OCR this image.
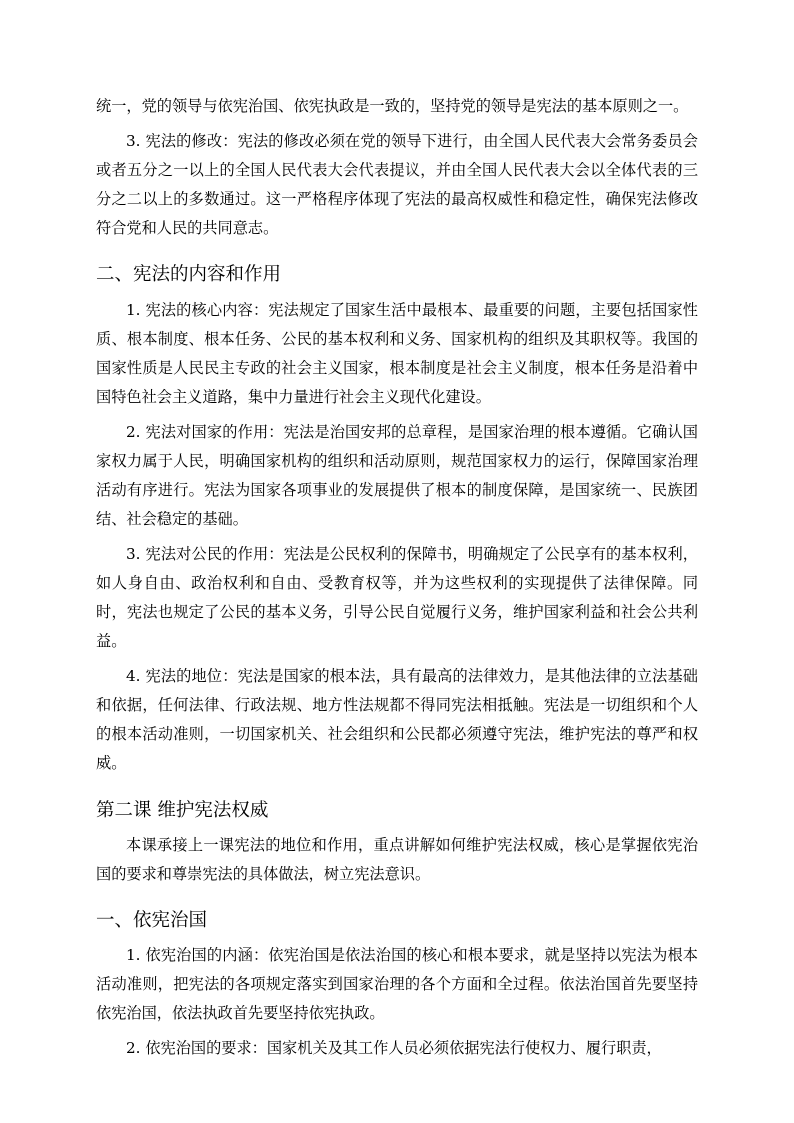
统一，党的领导与依宪治国、依宪执政是一致的，坚持党的领导是宪法的基本原则之一。

3. 宪法的修改：宪法的修改必须在党的领导下进行，由全国人民代表大会常务委员会或者五分之一以上的全国人民代表大会代表提议，并由全国人民代表大会以全体代表的三分之二以上的多数通过。这一严格程序体现了宪法的最高权威性和稳定性，确保宪法修改符合党和人民的共同意志。

二、宪法的内容和作用

1. 宪法的核心内容：宪法规定了国家生活中最根本、最重要的问题，主要包括国家性质、根本制度、根本任务、公民的基本权利和义务、国家机构的组织及其职权等。我国的国家性质是人民民主专政的社会主义国家，根本制度是社会主义制度，根本任务是沿着中国特色社会主义道路，集中力量进行社会主义现代化建设。

2. 宪法对国家的作用：宪法是治国安邦的总章程，是国家治理的根本遵循。它确认国家权力属于人民，明确国家机构的组织和活动原则，规范国家权力的运行，保障国家治理活动有序进行。宪法为国家各项事业的发展提供了根本的制度保障，是国家统一、民族团结、社会稳定的基础。

3. 宪法对公民的作用：宪法是公民权利的保障书，明确规定了公民享有的基本权利，如人身自由、政治权利和自由、受教育权等，并为这些权利的实现提供了法律保障。同时，宪法也规定了公民的基本义务，引导公民自觉履行义务，维护国家利益和社会公共利益。

4. 宪法的地位：宪法是国家的根本法，具有最高的法律效力，是其他法律的立法基础和依据，任何法律、行政法规、地方性法规都不得同宪法相抵触。宪法是一切组织和个人的根本活动准则，一切国家机关、社会组织和公民都必须遵守宪法，维护宪法的尊严和权威。

第二课 维护宪法权威

本课承接上一课宪法的地位和作用，重点讲解如何维护宪法权威，核心是掌握依宪治国的要求和尊崇宪法的具体做法，树立宪法意识。

一、依宪治国

1. 依宪治国的内涵：依宪治国是依法治国的核心和根本要求，就是坚持以宪法为根本活动准则，把宪法的各项规定落实到国家治理的各个方面和全过程。依法治国首先要坚持依宪治国，依法执政首先要坚持依宪执政。

2. 依宪治国的要求：国家机关及其工作人员必须依据宪法行使权力、履行职责，
